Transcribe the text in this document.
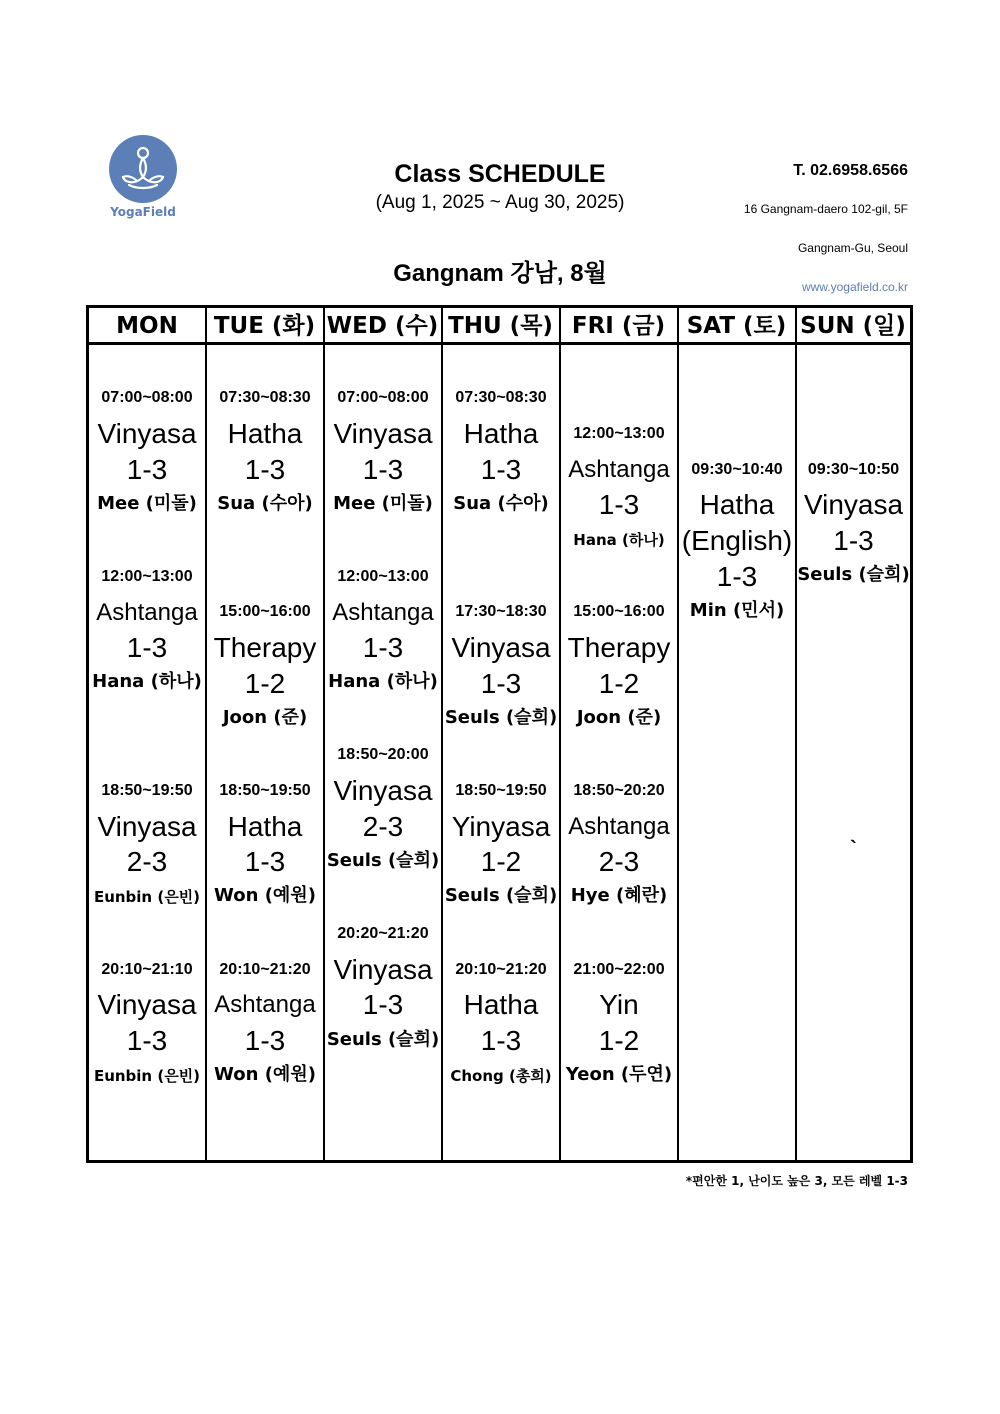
YogaField
Class SCHEDULE
(Aug 1, 2025 ~ Aug 30, 2025)
Gangnam 강남, 8월
T. 02.6958.6566
16 Gangnam-daero 102-gil, 5F
Gangnam-Gu, Seoul
www.yogafield.co.kr
MON	TUE (화) WED (수) THU (목) FRI (금) SAT (토) SUN (일)
07:00~08:00
Vinyasa
1-3
Mee (미돌)
12:00~13:00
Ashtanga
1-3
Hana (하나)
18:50~19:50
Vinyasa
2-3
Eunbin (은빈)
20:10~21:10
Vinyasa
1-3
Eunbin (은빈)
07:30~08:30
Hatha
1-3
Sua (수아)
15:00~16:00
Therapy
1-2
Joon (준)
18:50~19:50
Hatha
1-3
Won (예원)
20:10~21:20
Ashtanga
1-3
Won (예원)
07:00~08:00
Vinyasa
1-3
Mee (미돌)
12:00~13:00
Ashtanga
1-3
Hana (하나)
18:50~20:00
Vinyasa
2-3
Seuls (슬희)
20:20~21:20
Vinyasa
1-3
Seuls (슬희)
07:30~08:30
Hatha
1-3
Sua (수아)
17:30~18:30
Vinyasa
1-3
Seuls (슬희)
18:50~19:50
Yinyasa
1-2
Seuls (슬희)
20:10~21:20
Hatha
1-3
Chong (총희)
12:00~13:00
Ashtanga
1-3
Hana (하나)
15:00~16:00
Therapy
1-2
Joon (준)
18:50~20:20
Ashtanga
2-3
Hye (혜란)
21:00~22:00
Yin
1-2
Yeon (두연)
09:30~10:40
Hatha
(English)
1-3
Min (민서)
09:30~10:50
Vinyasa
1-3
Seuls (슬희)
`
*편안한 1, 난이도 높은 3, 모든 레벨 1-3
